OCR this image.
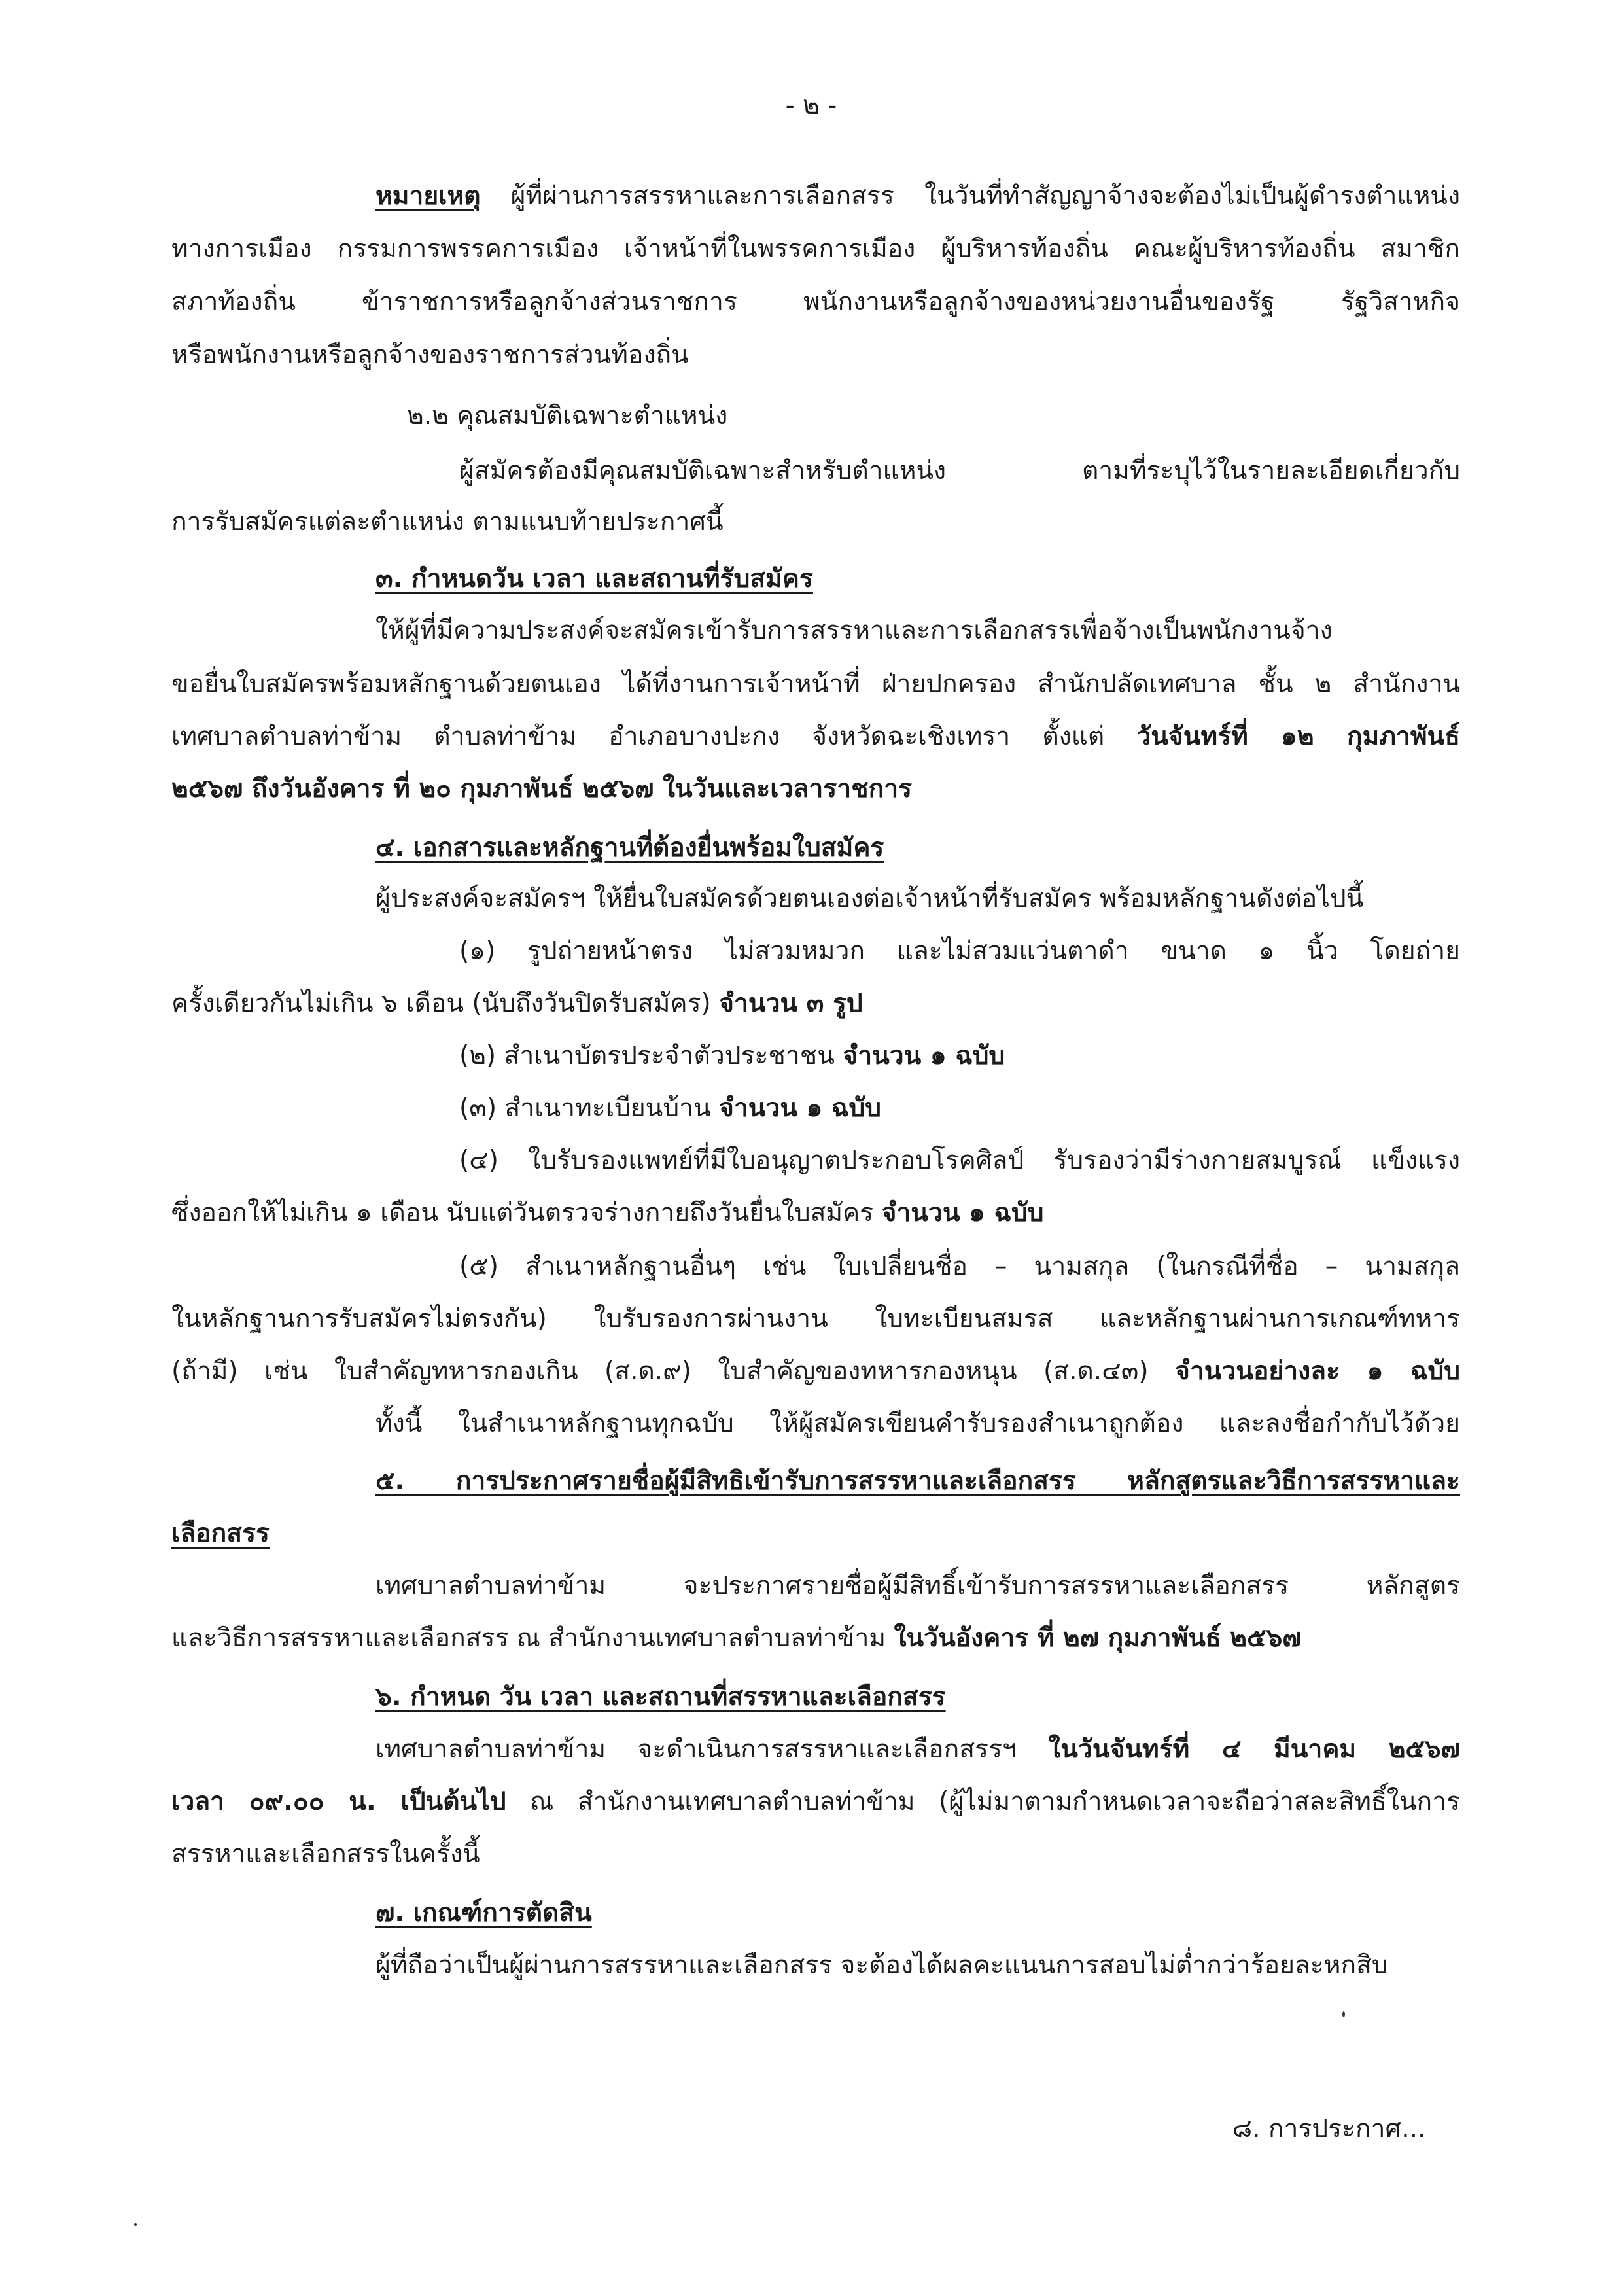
- ๒ -

หมายเหตุ ผู้ที่ผ่านการสรรหาและการเลือกสรร ในวันที่ทำสัญญาจ้างจะต้องไม่เป็นผู้ดำรงตำแหน่ง

ทางการเมือง กรรมการพรรคการเมือง เจ้าหน้าที่ในพรรคการเมือง ผู้บริหารท้องถิ่น คณะผู้บริหารท้องถิ่น สมาชิก

สภาท้องถิ่น ข้าราชการหรือลูกจ้างส่วนราชการ พนักงานหรือลูกจ้างของหน่วยงานอื่นของรัฐ รัฐวิสาหกิจ

หรือพนักงานหรือลูกจ้างของราชการส่วนท้องถิ่น

๒.๒ คุณสมบัติเฉพาะตำแหน่ง

ผู้สมัครต้องมีคุณสมบัติเฉพาะสำหรับตำแหน่ง ตามที่ระบุไว้ในรายละเอียดเกี่ยวกับ

การรับสมัครแต่ละตำแหน่ง ตามแนบท้ายประกาศนี้

๓. กำหนดวัน เวลา และสถานที่รับสมัคร

ให้ผู้ที่มีความประสงค์จะสมัครเข้ารับการสรรหาและการเลือกสรรเพื่อจ้างเป็นพนักงานจ้าง

ขอยื่นใบสมัครพร้อมหลักฐานด้วยตนเอง ได้ที่งานการเจ้าหน้าที่ ฝ่ายปกครอง สำนักปลัดเทศบาล ชั้น ๒ สำนักงาน

เทศบาลตำบลท่าข้าม ตำบลท่าข้าม อำเภอบางปะกง จังหวัดฉะเชิงเทรา ตั้งแต่ วันจันทร์ที่ ๑๒ กุมภาพันธ์

๒๕๖๗ ถึงวันอังคาร ที่ ๒๐ กุมภาพันธ์ ๒๕๖๗ ในวันและเวลาราชการ

๔. เอกสารและหลักฐานที่ต้องยื่นพร้อมใบสมัคร

ผู้ประสงค์จะสมัครฯ ให้ยื่นใบสมัครด้วยตนเองต่อเจ้าหน้าที่รับสมัคร พร้อมหลักฐานดังต่อไปนี้

(๑) รูปถ่ายหน้าตรง ไม่สวมหมวก และไม่สวมแว่นตาดำ ขนาด ๑ นิ้ว โดยถ่าย

ครั้งเดียวกันไม่เกิน ๖ เดือน (นับถึงวันปิดรับสมัคร) จำนวน ๓ รูป

(๒) สำเนาบัตรประจำตัวประชาชน จำนวน ๑ ฉบับ

(๓) สำเนาทะเบียนบ้าน จำนวน ๑ ฉบับ

(๔) ใบรับรองแพทย์ที่มีใบอนุญาตประกอบโรคศิลป์ รับรองว่ามีร่างกายสมบูรณ์ แข็งแรง

ซึ่งออกให้ไม่เกิน ๑ เดือน นับแต่วันตรวจร่างกายถึงวันยื่นใบสมัคร จำนวน ๑ ฉบับ

(๕) สำเนาหลักฐานอื่นๆ เช่น ใบเปลี่ยนชื่อ – นามสกุล (ในกรณีที่ชื่อ – นามสกุล

ในหลักฐานการรับสมัครไม่ตรงกัน) ใบรับรองการผ่านงาน ใบทะเบียนสมรส และหลักฐานผ่านการเกณฑ์ทหาร

(ถ้ามี) เช่น ใบสำคัญทหารกองเกิน (ส.ด.๙) ใบสำคัญของทหารกองหนุน (ส.ด.๔๓) จำนวนอย่างละ ๑ ฉบับ

ทั้งนี้ ในสำเนาหลักฐานทุกฉบับ ให้ผู้สมัครเขียนคำรับรองสำเนาถูกต้อง และลงชื่อกำกับไว้ด้วย

๕. การประกาศรายชื่อผู้มีสิทธิเข้ารับการสรรหาและเลือกสรร หลักสูตรและวิธีการสรรหาและ

เลือกสรร

เทศบาลตำบลท่าข้าม จะประกาศรายชื่อผู้มีสิทธิ์เข้ารับการสรรหาและเลือกสรร หลักสูตร

และวิธีการสรรหาและเลือกสรร ณ สำนักงานเทศบาลตำบลท่าข้าม ในวันอังคาร ที่ ๒๗ กุมภาพันธ์ ๒๕๖๗

๖. กำหนด วัน เวลา และสถานที่สรรหาและเลือกสรร

เทศบาลตำบลท่าข้าม จะดำเนินการสรรหาและเลือกสรรฯ ในวันจันทร์ที่ ๔ มีนาคม ๒๕๖๗

เวลา ๐๙.๐๐ น. เป็นต้นไป ณ สำนักงานเทศบาลตำบลท่าข้าม (ผู้ไม่มาตามกำหนดเวลาจะถือว่าสละสิทธิ์ในการ

สรรหาและเลือกสรรในครั้งนี้

๗. เกณฑ์การตัดสิน

ผู้ที่ถือว่าเป็นผู้ผ่านการสรรหาและเลือกสรร จะต้องได้ผลคะแนนการสอบไม่ต่ำกว่าร้อยละหกสิบ

๘. การประกาศ...
